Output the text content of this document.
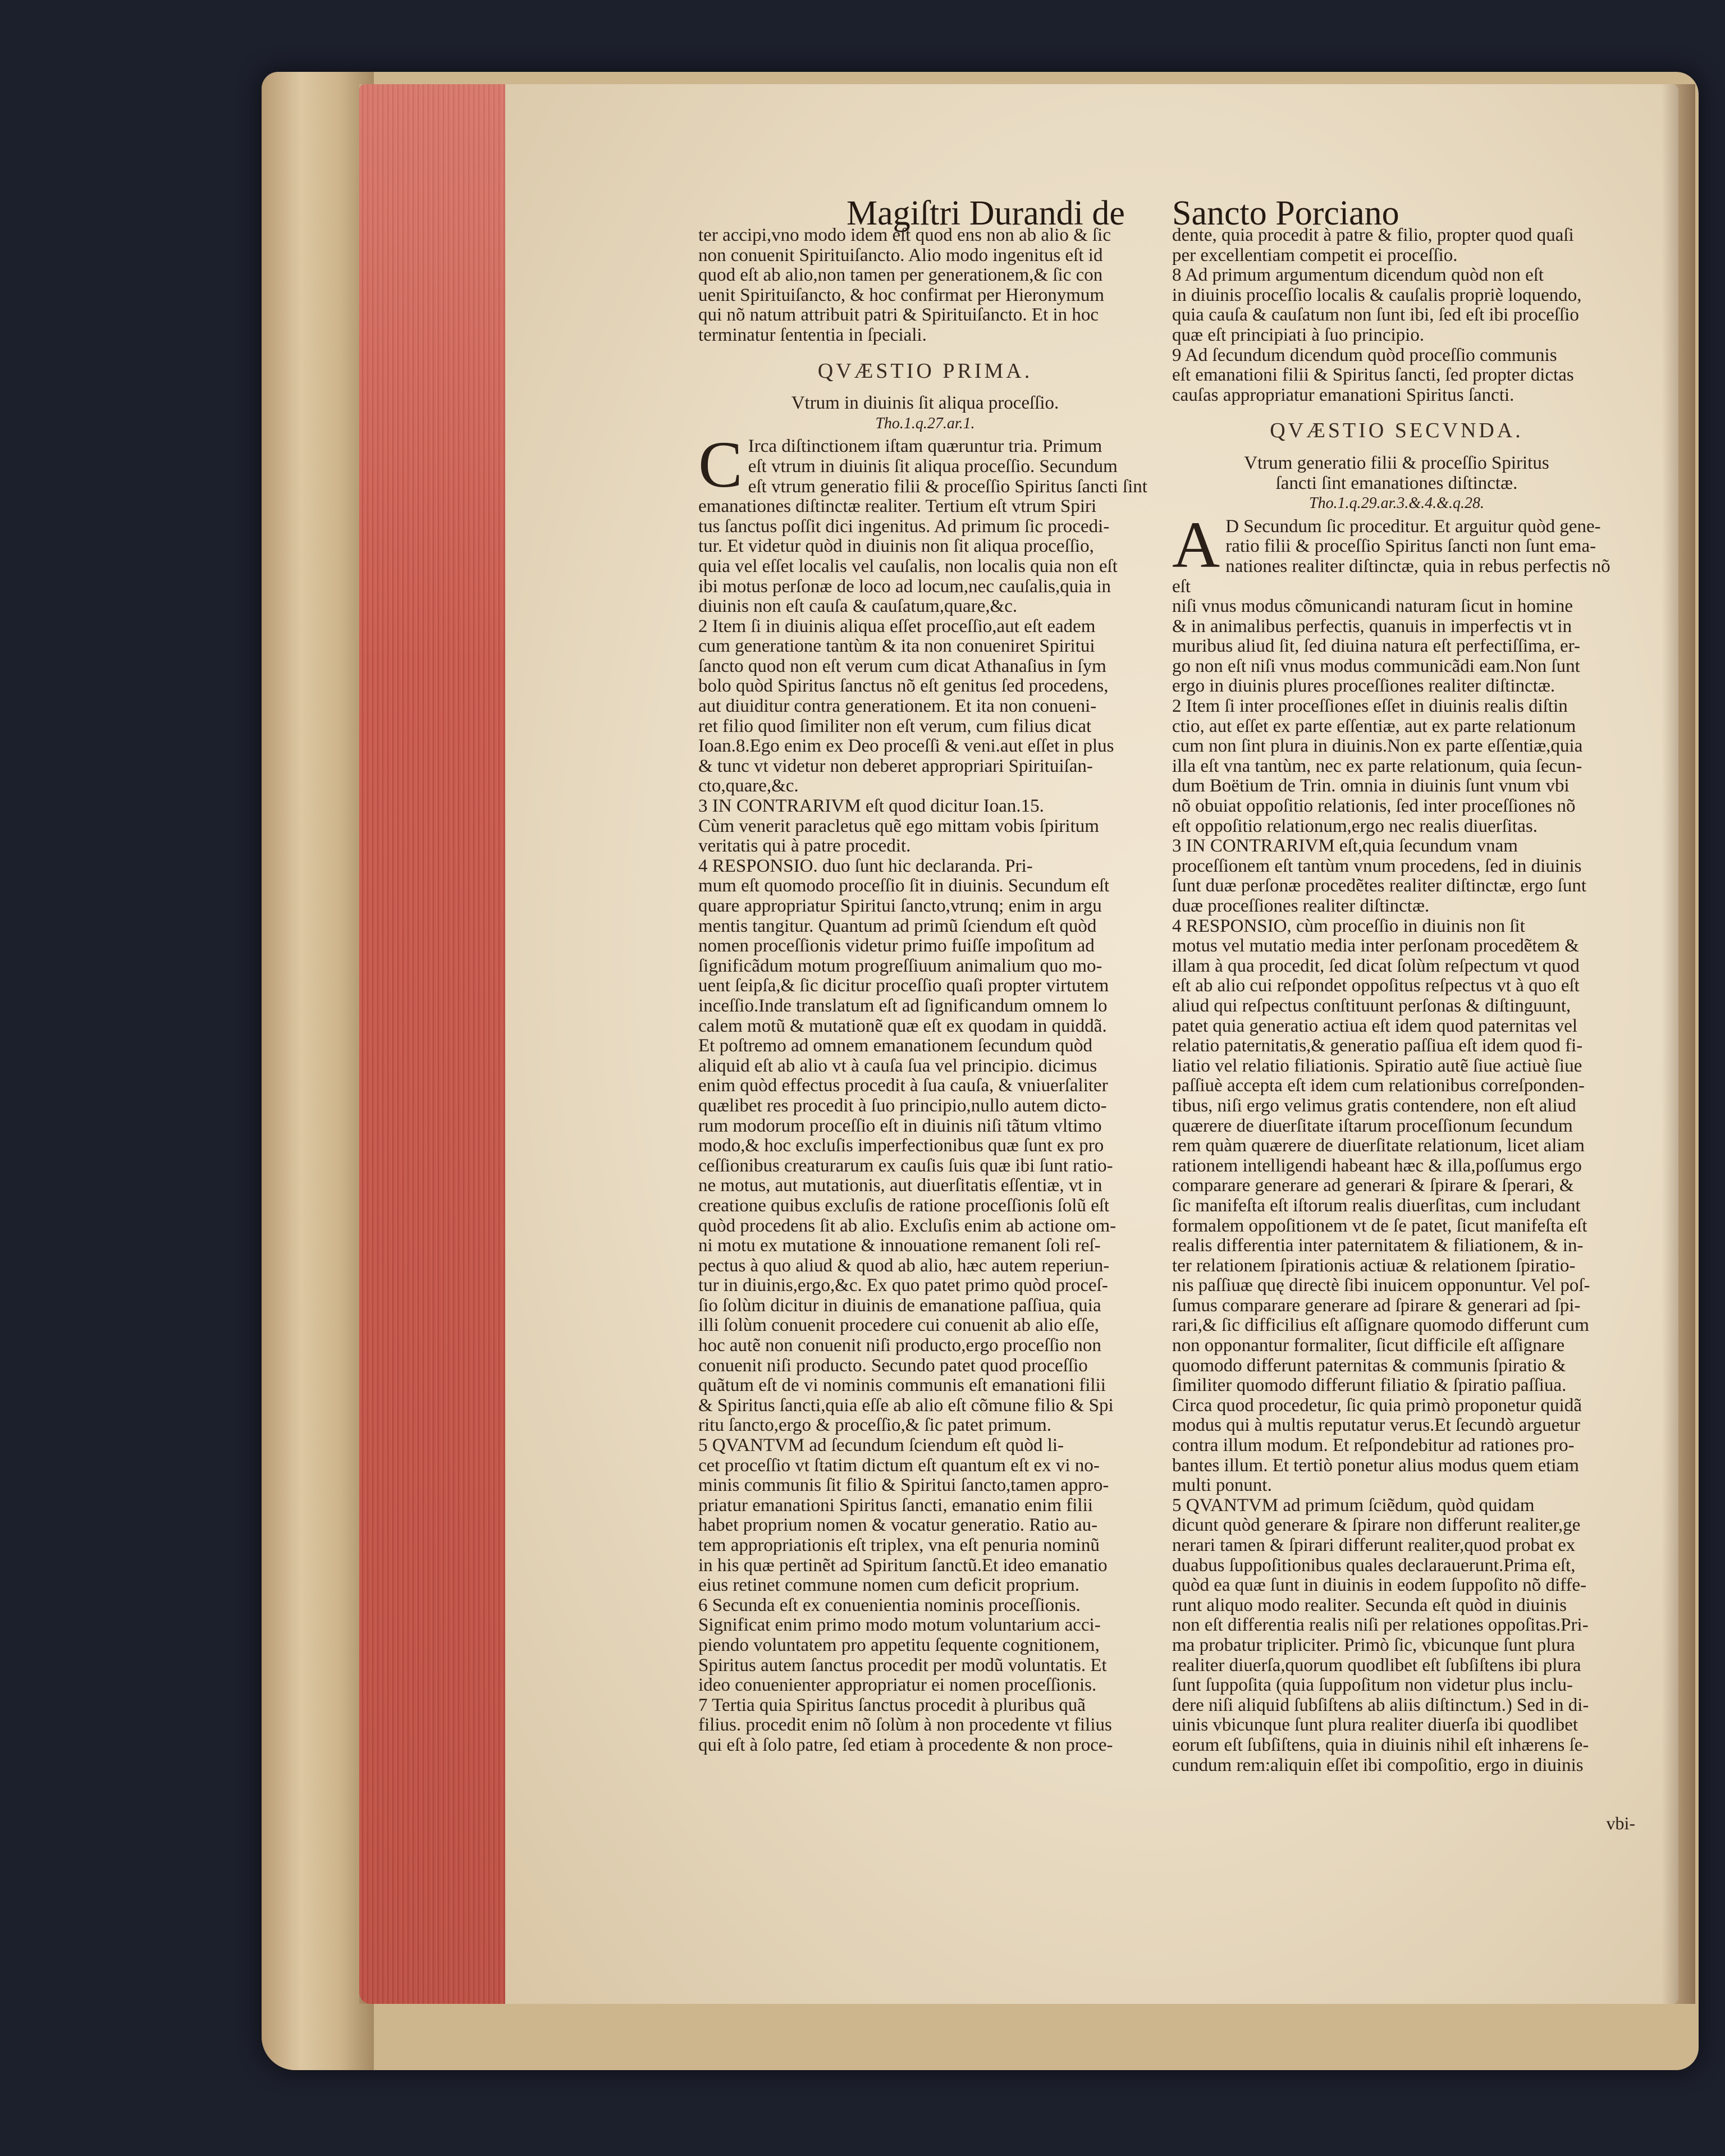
Magiſtri Durandi de Sancto Porciano

ter accipi,vno modo idem eſt quod ens non ab alio & ſic

non conuenit Spirituiſancto. Alio modo ingenitus eſt id

quod eſt ab alio,non tamen per generationem,& ſic con

uenit Spirituiſancto, & hoc confirmat per Hieronymum

qui nõ natum attribuit patri & Spirituiſancto. Et in hoc

terminatur ſententia in ſpeciali.

QVÆSTIO PRIMA.

Vtrum in diuinis ſit aliqua proceſſio.

Tho.1.q.27.ar.1.

C Irca diſtinctionem iſtam quæruntur tria. Primum

eſt vtrum in diuinis ſit aliqua proceſſio. Secundum

eſt vtrum generatio filii & proceſſio Spiritus ſancti ſint

emanationes diſtinctæ realiter. Tertium eſt vtrum Spiri

tus ſanctus poſſit dici ingenitus. Ad primum ſic procedi-

tur. Et videtur quòd in diuinis non ſit aliqua proceſſio,

quia vel eſſet localis vel cauſalis, non localis quia non eſt

ibi motus perſonæ de loco ad locum,nec cauſalis,quia in

diuinis non eſt cauſa & cauſatum,quare,&c.

2 Item ſi in diuinis aliqua eſſet proceſſio,aut eſt eadem

cum generatione tantùm & ita non conueniret Spiritui

ſancto quod non eſt verum cum dicat Athanaſius in ſym

bolo quòd Spiritus ſanctus nõ eſt genitus ſed procedens,

aut diuiditur contra generationem. Et ita non conueni-

ret filio quod ſimiliter non eſt verum, cum filius dicat

Ioan.8.Ego enim ex Deo proceſſi & veni.aut eſſet in plus

& tunc vt videtur non deberet appropriari Spirituiſan-

cto,quare,&c.

3 IN CONTRARIVM eſt quod dicitur Ioan.15.

Cùm venerit paracletus quẽ ego mittam vobis ſpiritum

veritatis qui à patre procedit.

4 RESPONSIO. duo ſunt hic declaranda. Pri-

mum eſt quomodo proceſſio ſit in diuinis. Secundum eſt

quare appropriatur Spiritui ſancto,vtrunq; enim in argu

mentis tangitur. Quantum ad primũ ſciendum eſt quòd

nomen proceſſionis videtur primo fuiſſe impoſitum ad

ſignificãdum motum progreſſiuum animalium quo mo-

uent ſeipſa,& ſic dicitur proceſſio quaſi propter virtutem

inceſſio.Inde translatum eſt ad ſignificandum omnem lo

calem motũ & mutationẽ quæ eſt ex quodam in quiddã.

Et poſtremo ad omnem emanationem ſecundum quòd

aliquid eſt ab alio vt à cauſa ſua vel principio. dicimus

enim quòd effectus procedit à ſua cauſa, & vniuerſaliter

quælibet res procedit à ſuo principio,nullo autem dicto-

rum modorum proceſſio eſt in diuinis niſi tãtum vltimo

modo,& hoc excluſis imperfectionibus quæ ſunt ex pro

ceſſionibus creaturarum ex cauſis ſuis quæ ibi ſunt ratio-

ne motus, aut mutationis, aut diuerſitatis eſſentiæ, vt in

creatione quibus excluſis de ratione proceſſionis ſolũ eſt

quòd procedens ſit ab alio. Excluſis enim ab actione om-

ni motu ex mutatione & innouatione remanent ſoli reſ-

pectus à quo aliud & quod ab alio, hæc autem reperiun-

tur in diuinis,ergo,&c. Ex quo patet primo quòd proceſ-

ſio ſolùm dicitur in diuinis de emanatione paſſiua, quia

illi ſolùm conuenit procedere cui conuenit ab alio eſſe,

hoc autẽ non conuenit niſi producto,ergo proceſſio non

conuenit niſi producto. Secundo patet quod proceſſio

quãtum eſt de vi nominis communis eſt emanationi filii

& Spiritus ſancti,quia eſſe ab alio eſt cõmune filio & Spi

ritu ſancto,ergo & proceſſio,& ſic patet primum.

5 QVANTVM ad ſecundum ſciendum eſt quòd li-

cet proceſſio vt ſtatim dictum eſt quantum eſt ex vi no-

minis communis ſit filio & Spiritui ſancto,tamen appro-

priatur emanationi Spiritus ſancti, emanatio enim filii

habet proprium nomen & vocatur generatio. Ratio au-

tem appropriationis eſt triplex, vna eſt penuria nominũ

in his quæ pertinẽt ad Spiritum ſanctũ.Et ideo emanatio

eius retinet commune nomen cum deficit proprium.

6 Secunda eſt ex conuenientia nominis proceſſionis.

Significat enim primo modo motum voluntarium acci-

piendo voluntatem pro appetitu ſequente cognitionem,

Spiritus autem ſanctus procedit per modũ voluntatis. Et

ideo conuenienter appropriatur ei nomen proceſſionis.

7 Tertia quia Spiritus ſanctus procedit à pluribus quã

filius. procedit enim nõ ſolùm à non procedente vt filius

qui eſt à ſolo patre, ſed etiam à procedente & non proce-

dente, quia procedit à patre & filio, propter quod quaſi

per excellentiam competit ei proceſſio.

8 Ad primum argumentum dicendum quòd non eſt

in diuinis proceſſio localis & cauſalis propriè loquendo,

quia cauſa & cauſatum non ſunt ibi, ſed eſt ibi proceſſio

quæ eſt principiati à ſuo principio.

9 Ad ſecundum dicendum quòd proceſſio communis

eſt emanationi filii & Spiritus ſancti, ſed propter dictas

cauſas appropriatur emanationi Spiritus ſancti.

QVÆSTIO SECVNDA.

Vtrum generatio filii & proceſſio Spiritus

ſancti ſint emanationes diſtinctæ.

Tho.1.q.29.ar.3.&.4.&.q.28.

A D Secundum ſic proceditur. Et arguitur quòd gene-

ratio filii & proceſſio Spiritus ſancti non ſunt ema-

nationes realiter diſtinctæ, quia in rebus perfectis nõ eſt

niſi vnus modus cõmunicandi naturam ſicut in homine

& in animalibus perfectis, quanuis in imperfectis vt in

muribus aliud ſit, ſed diuina natura eſt perfectiſſima, er-

go non eſt niſi vnus modus communicãdi eam.Non ſunt

ergo in diuinis plures proceſſiones realiter diſtinctæ.

2 Item ſi inter proceſſiones eſſet in diuinis realis diſtin

ctio, aut eſſet ex parte eſſentiæ, aut ex parte relationum

cum non ſint plura in diuinis.Non ex parte eſſentiæ,quia

illa eſt vna tantùm, nec ex parte relationum, quia ſecun-

dum Boëtium de Trin. omnia in diuinis ſunt vnum vbi

nõ obuiat oppoſitio relationis, ſed inter proceſſiones nõ

eſt oppoſitio relationum,ergo nec realis diuerſitas.

3 IN CONTRARIVM eſt,quia ſecundum vnam

proceſſionem eſt tantùm vnum procedens, ſed in diuinis

ſunt duæ perſonæ procedẽtes realiter diſtinctæ, ergo ſunt

duæ proceſſiones realiter diſtinctæ.

4 RESPONSIO, cùm proceſſio in diuinis non ſit

motus vel mutatio media inter perſonam procedẽtem &

illam à qua procedit, ſed dicat ſolùm reſpectum vt quod

eſt ab alio cui reſpondet oppoſitus reſpectus vt à quo eſt

aliud qui reſpectus conſtituunt perſonas & diſtinguunt,

patet quia generatio actiua eſt idem quod paternitas vel

relatio paternitatis,& generatio paſſiua eſt idem quod fi-

liatio vel relatio filiationis. Spiratio autẽ ſiue actiuè ſiue

paſſiuè accepta eſt idem cum relationibus correſponden-

tibus, niſi ergo velimus gratis contendere, non eſt aliud

quærere de diuerſitate iſtarum proceſſionum ſecundum

rem quàm quærere de diuerſitate relationum, licet aliam

rationem intelligendi habeant hæc & illa,poſſumus ergo

comparare generare ad generari & ſpirare & ſperari, &

ſic manifeſta eſt iſtorum realis diuerſitas, cum includant

formalem oppoſitionem vt de ſe patet, ſicut manifeſta eſt

realis differentia inter paternitatem & filiationem, & in-

ter relationem ſpirationis actiuæ & relationem ſpiratio-

nis paſſiuæ quę directè ſibi inuicem opponuntur. Vel poſ-

ſumus comparare generare ad ſpirare & generari ad ſpi-

rari,& ſic difficilius eſt aſſignare quomodo differunt cum

non opponantur formaliter, ſicut difficile eſt aſſignare

quomodo differunt paternitas & communis ſpiratio &

ſimiliter quomodo differunt filiatio & ſpiratio paſſiua.

Circa quod procedetur, ſic quia primò proponetur quidã

modus qui à multis reputatur verus.Et ſecundò arguetur

contra illum modum. Et reſpondebitur ad rationes pro-

bantes illum. Et tertiò ponetur alius modus quem etiam

multi ponunt.

5 QVANTVM ad primum ſciẽdum, quòd quidam

dicunt quòd generare & ſpirare non differunt realiter,ge

nerari tamen & ſpirari differunt realiter,quod probat ex

duabus ſuppoſitionibus quales declarauerunt.Prima eſt,

quòd ea quæ ſunt in diuinis in eodem ſuppoſito nõ diffe-

runt aliquo modo realiter. Secunda eſt quòd in diuinis

non eſt differentia realis niſi per relationes oppoſitas.Pri-

ma probatur tripliciter. Primò ſic, vbicunque ſunt plura

realiter diuerſa,quorum quodlibet eſt ſubſiſtens ibi plura

ſunt ſuppoſita (quia ſuppoſitum non videtur plus inclu-

dere niſi aliquid ſubſiſtens ab aliis diſtinctum.) Sed in di-

uinis vbicunque ſunt plura realiter diuerſa ibi quodlibet

eorum eſt ſubſiſtens, quia in diuinis nihil eſt inhærens ſe-

cundum rem:aliquin eſſet ibi compoſitio, ergo in diuinis

vbi-
